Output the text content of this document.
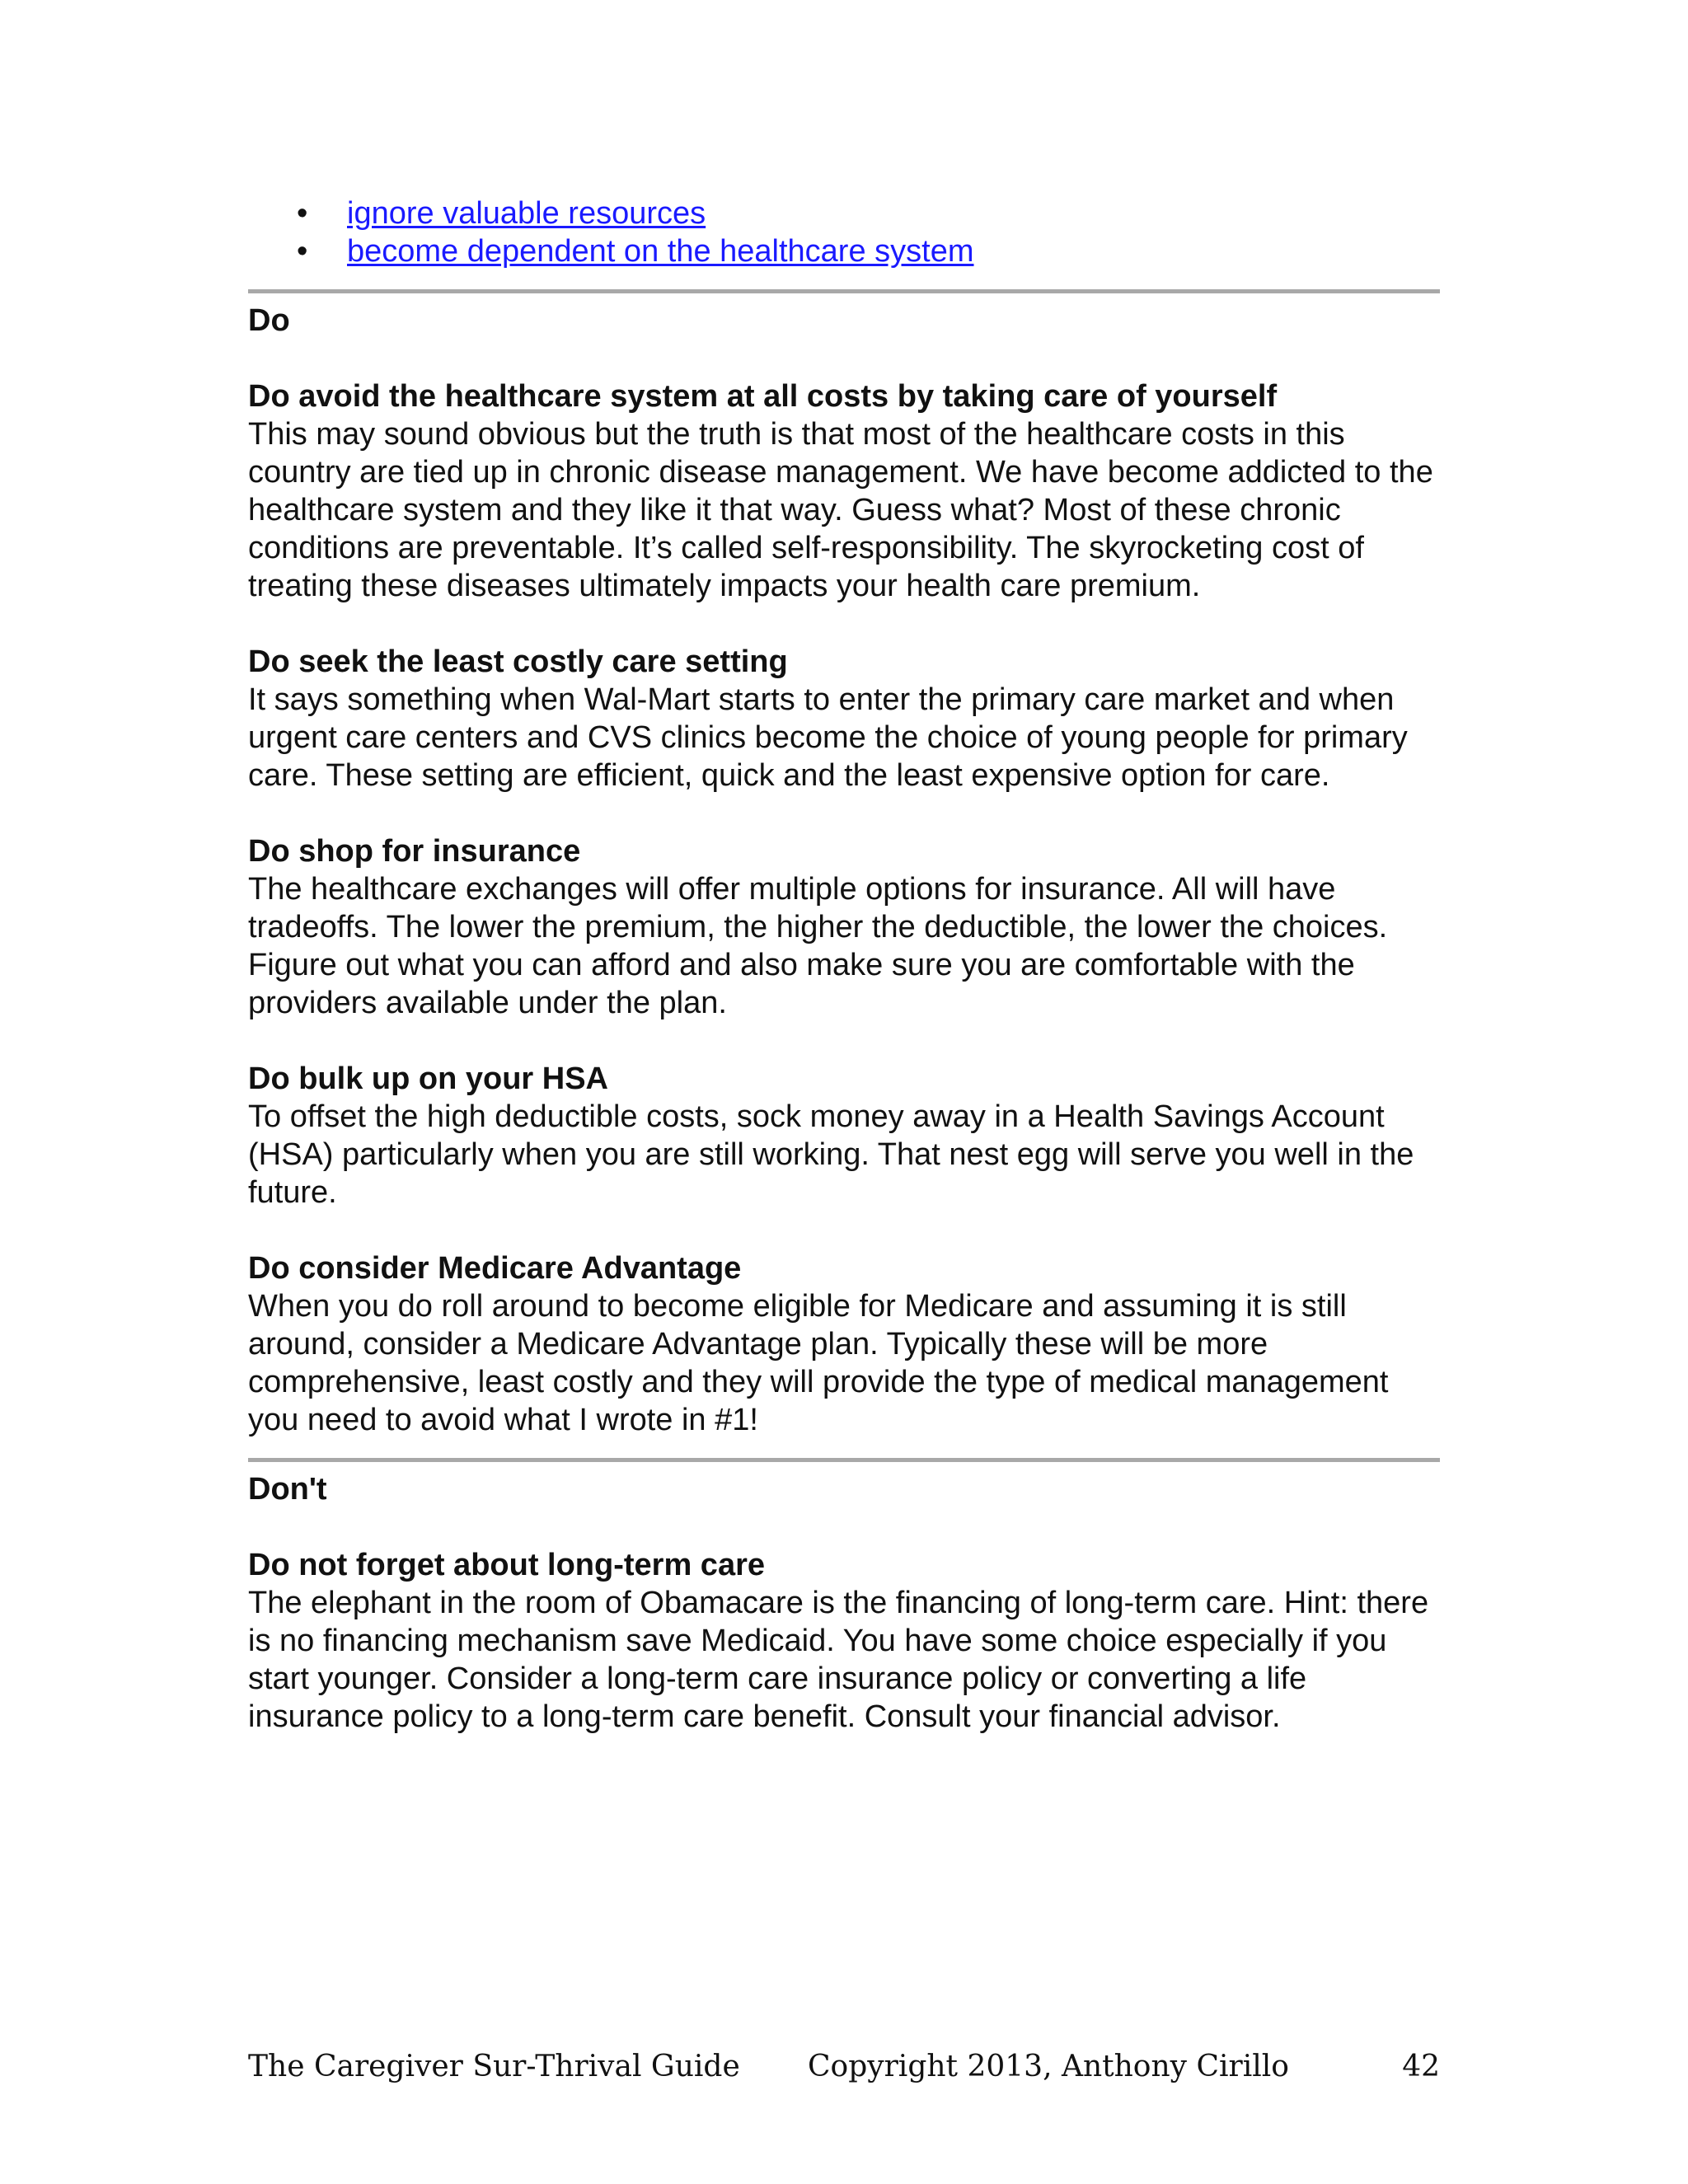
• ignore valuable resources
• become dependent on the healthcare system
Do
Do avoid the healthcare system at all costs by taking care of yourself

This may sound obvious but the truth is that most of the healthcare costs in this country are tied up in chronic disease management. We have become addicted to the healthcare system and they like it that way. Guess what? Most of these chronic conditions are preventable. It’s called self-responsibility. The skyrocketing cost of treating these diseases ultimately impacts your health care premium.

Do seek the least costly care setting

It says something when Wal-Mart starts to enter the primary care market and when urgent care centers and CVS clinics become the choice of young people for primary care. These setting are efficient, quick and the least expensive option for care.

Do shop for insurance

The healthcare exchanges will offer multiple options for insurance. All will have tradeoffs. The lower the premium, the higher the deductible, the lower the choices. Figure out what you can afford and also make sure you are comfortable with the providers available under the plan.

Do bulk up on your HSA

To offset the high deductible costs, sock money away in a Health Savings Account (HSA) particularly when you are still working. That nest egg will serve you well in the future.

Do consider Medicare Advantage

When you do roll around to become eligible for Medicare and assuming it is still around, consider a Medicare Advantage plan. Typically these will be more comprehensive, least costly and they will provide the type of medical management you need to avoid what I wrote in #1!

Don't
Do not forget about long-term care

The elephant in the room of Obamacare is the financing of long-term care. Hint: there is no financing mechanism save Medicaid. You have some choice especially if you start younger. Consider a long-term care insurance policy or converting a life insurance policy to a long-term care benefit. Consult your financial advisor.

The Caregiver Sur-Thrival Guide Copyright 2013, Anthony Cirillo	42
